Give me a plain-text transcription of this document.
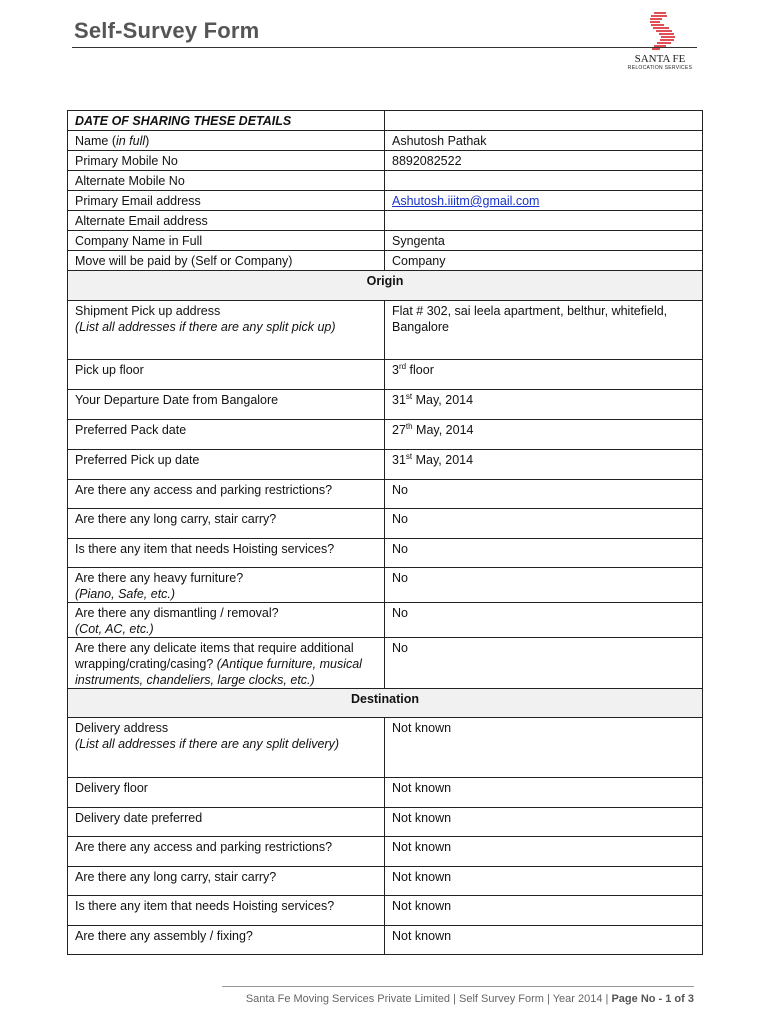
Self-Survey Form
SANTA FE
RELOCATION SERVICES
DATE OF SHARING THESE DETAILS	
Name (in full)	Ashutosh Pathak
Primary Mobile No	8892082522
Alternate Mobile No	
Primary Email address	Ashutosh.iiitm@gmail.com
Alternate Email address	
Company Name in Full	Syngenta
Move will be paid by (Self or Company)	Company
Origin	

Shipment Pick up address
(List all addresses if there are any split pick up)	Flat # 302, sai leela apartment, belthur, whitefield, Bangalore
Pick up floor	3rd floor
Your Departure Date from Bangalore	31st May, 2014
Preferred Pack date	27th May, 2014
Preferred Pick up date	31st May, 2014
Are there any access and parking restrictions?	No
Are there any long carry, stair carry?	No
Is there any item that needs Hoisting services?	No

Are there any heavy furniture?
(Piano, Safe, etc.)	No

Are there any dismantling / removal?
(Cot, AC, etc.)	No
Are there any delicate items that require additional wrapping/crating/casing? (Antique furniture, musical instruments, chandeliers, large clocks, etc.)	No
Destination	

Delivery address
(List all addresses if there are any split delivery)	Not known
Delivery floor	Not known
Delivery date preferred	Not known
Are there any access and parking restrictions?	Not known
Are there any long carry, stair carry?	Not known
Is there any item that needs Hoisting services?	Not known
Are there any assembly / fixing?	Not known
Santa Fe Moving Services Private Limited | Self Survey Form | Year 2014 | Page No - 1 of 3
